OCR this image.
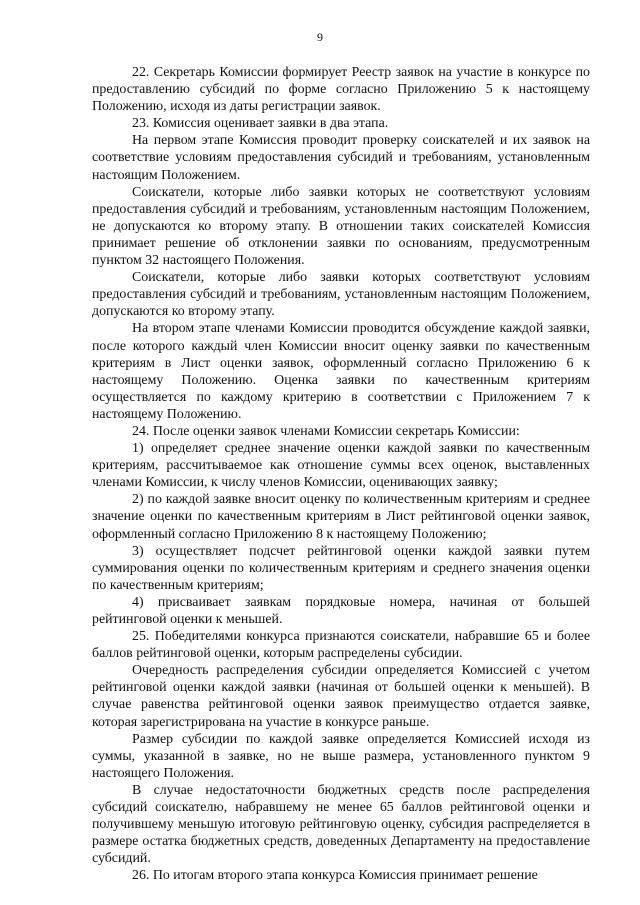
9

22. Секретарь Комиссии формирует Реестр заявок на участие в конкурсе по предоставлению субсидий по форме согласно Приложению 5 к настоящему Положению, исходя из даты регистрации заявок.

23. Комиссия оценивает заявки в два этапа.

На первом этапе Комиссия проводит проверку соискателей и их заявок на соответствие условиям предоставления субсидий и требованиям, установленным настоящим Положением.

Соискатели, которые либо заявки которых не соответствуют условиям предоставления субсидий и требованиям, установленным настоящим Положением, не допускаются ко второму этапу. В отношении таких соискателей Комиссия принимает решение об отклонении заявки по основаниям, предусмотренным пунктом 32 настоящего Положения.

Соискатели, которые либо заявки которых соответствуют условиям предоставления субсидий и требованиям, установленным настоящим Положением, допускаются ко второму этапу.

На втором этапе членами Комиссии проводится обсуждение каждой заявки, после которого каждый член Комиссии вносит оценку заявки по качественным критериям в Лист оценки заявок, оформленный согласно Приложению 6 к настоящему Положению. Оценка заявки по качественным критериям осуществляется по каждому критерию в соответствии с Приложением 7 к настоящему Положению.

24. После оценки заявок членами Комиссии секретарь Комиссии:

1) определяет среднее значение оценки каждой заявки по качественным критериям, рассчитываемое как отношение суммы всех оценок, выставленных членами Комиссии, к числу членов Комиссии, оценивающих заявку;

2) по каждой заявке вносит оценку по количественным критериям и среднее значение оценки по качественным критериям в Лист рейтинговой оценки заявок, оформленный согласно Приложению 8 к настоящему Положению;

3) осуществляет подсчет рейтинговой оценки каждой заявки путем суммирования оценки по количественным критериям и среднего значения оценки по качественным критериям;

4) присваивает заявкам порядковые номера, начиная от большей рейтинговой оценки к меньшей.

25. Победителями конкурса признаются соискатели, набравшие 65 и более баллов рейтинговой оценки, которым распределены субсидии.

Очередность распределения субсидии определяется Комиссией с учетом рейтинговой оценки каждой заявки (начиная от большей оценки к меньшей). В случае равенства рейтинговой оценки заявок преимущество отдается заявке, которая зарегистрирована на участие в конкурсе раньше.

Размер субсидии по каждой заявке определяется Комиссией исходя из суммы, указанной в заявке, но не выше размера, установленного пунктом 9 настоящего Положения.

В случае недостаточности бюджетных средств после распределения субсидий соискателю, набравшему не менее 65 баллов рейтинговой оценки и получившему меньшую итоговую рейтинговую оценку, субсидия распределяется в размере остатка бюджетных средств, доведенных Департаменту на предоставление субсидий.

26. По итогам второго этапа конкурса Комиссия принимает решение
